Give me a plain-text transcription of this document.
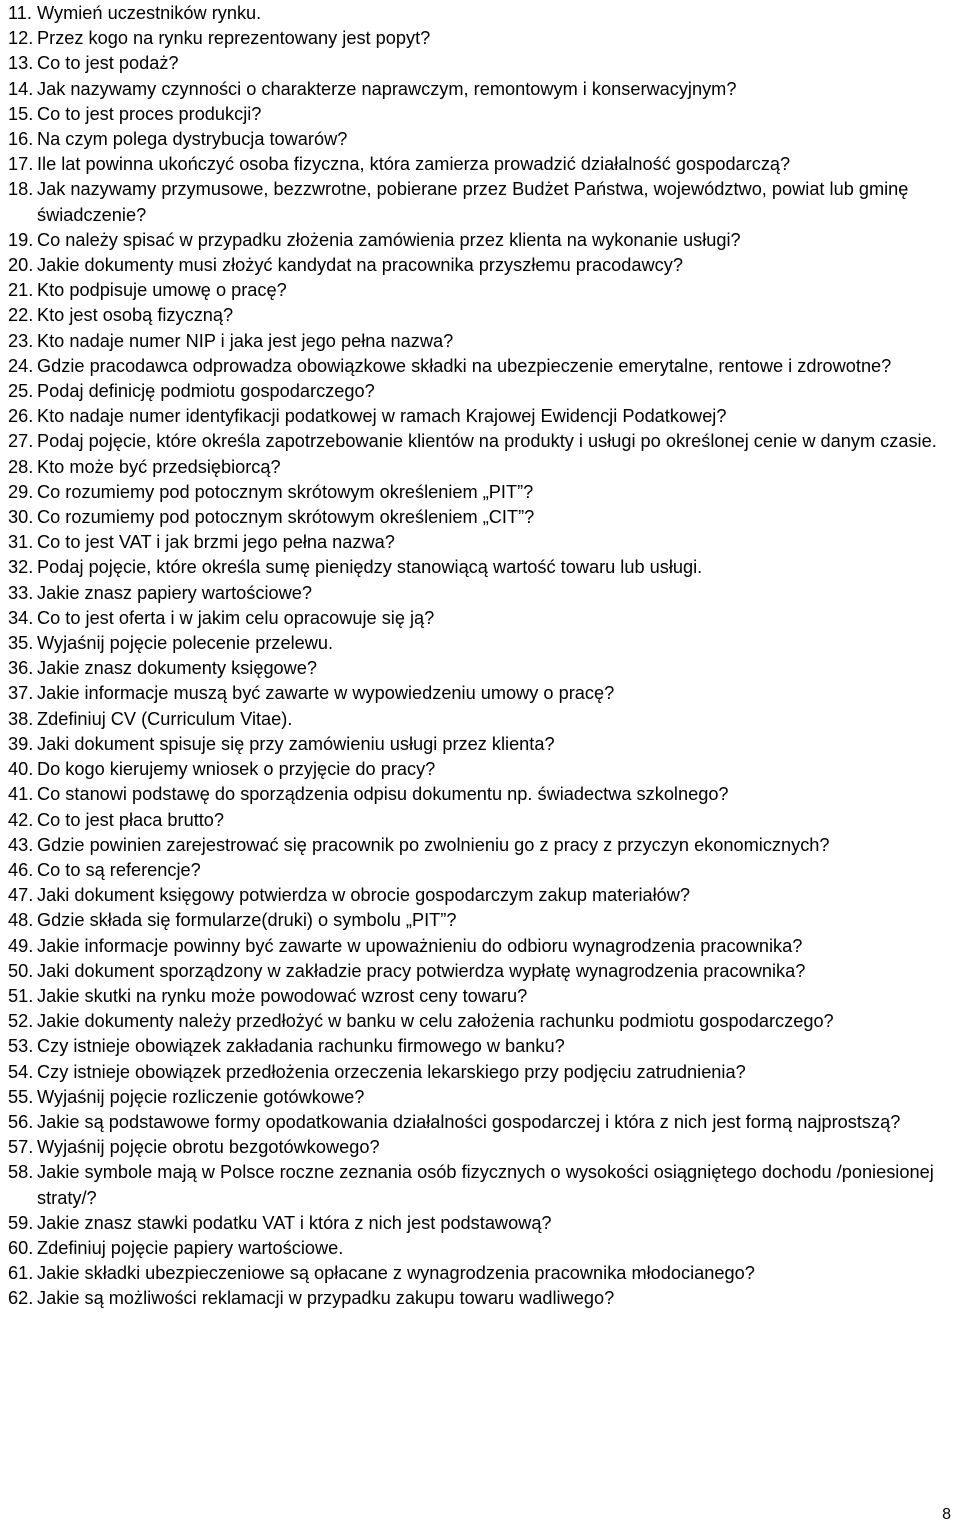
11. Wymień uczestników rynku.
12. Przez kogo na rynku reprezentowany jest popyt?
13. Co to jest podaż?
14. Jak nazywamy czynności o charakterze naprawczym, remontowym i konserwacyjnym?
15. Co to jest proces produkcji?
16. Na czym polega dystrybucja towarów?
17. Ile lat powinna ukończyć osoba fizyczna, która zamierza prowadzić działalność gospodarczą?
18. Jak nazywamy przymusowe, bezzwrotne, pobierane przez Budżet Państwa, województwo, powiat lub gminę świadczenie?
19. Co należy spisać w przypadku złożenia zamówienia przez klienta na wykonanie usługi?
20. Jakie dokumenty musi złożyć kandydat na pracownika przyszłemu pracodawcy?
21. Kto podpisuje umowę o pracę?
22. Kto jest osobą fizyczną?
23. Kto nadaje numer NIP i jaka jest jego pełna nazwa?
24. Gdzie pracodawca odprowadza obowiązkowe składki na ubezpieczenie emerytalne, rentowe i zdrowotne?
25. Podaj definicję podmiotu gospodarczego?
26. Kto nadaje numer identyfikacji podatkowej w ramach Krajowej Ewidencji Podatkowej?
27. Podaj pojęcie, które określa zapotrzebowanie klientów na produkty i usługi po określonej cenie w danym czasie.
28. Kto może być przedsiębiorcą?
29. Co rozumiemy pod potocznym skrótowym określeniem „PIT”?
30. Co rozumiemy pod potocznym skrótowym określeniem „CIT”?
31. Co to jest VAT i jak brzmi jego pełna nazwa?
32. Podaj pojęcie, które określa sumę pieniędzy stanowiącą wartość towaru lub usługi.
33. Jakie znasz papiery wartościowe?
34. Co to jest oferta i w jakim celu opracowuje się ją?
35. Wyjaśnij pojęcie polecenie przelewu.
36. Jakie znasz dokumenty księgowe?
37. Jakie informacje muszą być zawarte w wypowiedzeniu umowy o pracę?
38. Zdefiniuj CV (Curriculum Vitae).
39. Jaki dokument spisuje się przy zamówieniu usługi przez klienta?
40. Do kogo kierujemy wniosek o przyjęcie do pracy?
41. Co stanowi podstawę do sporządzenia odpisu dokumentu np. świadectwa szkolnego?
42. Co to jest płaca brutto?
43. Gdzie powinien zarejestrować się pracownik po zwolnieniu go z pracy z przyczyn ekonomicznych?
46. Co to są referencje?
47. Jaki dokument księgowy potwierdza w obrocie gospodarczym zakup materiałów?
48. Gdzie składa się formularze(druki) o symbolu „PIT”?
49. Jakie informacje powinny być zawarte w upoważnieniu do odbioru wynagrodzenia pracownika?
50. Jaki dokument sporządzony w zakładzie pracy potwierdza wypłatę wynagrodzenia pracownika?
51. Jakie skutki na rynku może powodować wzrost ceny towaru?
52. Jakie dokumenty należy przedłożyć w banku w celu założenia rachunku podmiotu gospodarczego?
53. Czy istnieje obowiązek zakładania rachunku firmowego w banku?
54. Czy istnieje obowiązek przedłożenia orzeczenia lekarskiego przy podjęciu zatrudnienia?
55. Wyjaśnij pojęcie rozliczenie gotówkowe?
56. Jakie są podstawowe formy opodatkowania działalności gospodarczej i która z nich jest formą najprostszą?
57. Wyjaśnij pojęcie obrotu bezgotówkowego?
58. Jakie symbole mają w Polsce roczne zeznania osób fizycznych o wysokości osiągniętego dochodu /poniesionej straty/?
59. Jakie znasz stawki podatku VAT i która z nich jest podstawową?
60. Zdefiniuj pojęcie papiery wartościowe.
61. Jakie składki ubezpieczeniowe są opłacane z wynagrodzenia pracownika młodocianego?
62. Jakie są możliwości reklamacji w przypadku zakupu towaru wadliwego?
8
